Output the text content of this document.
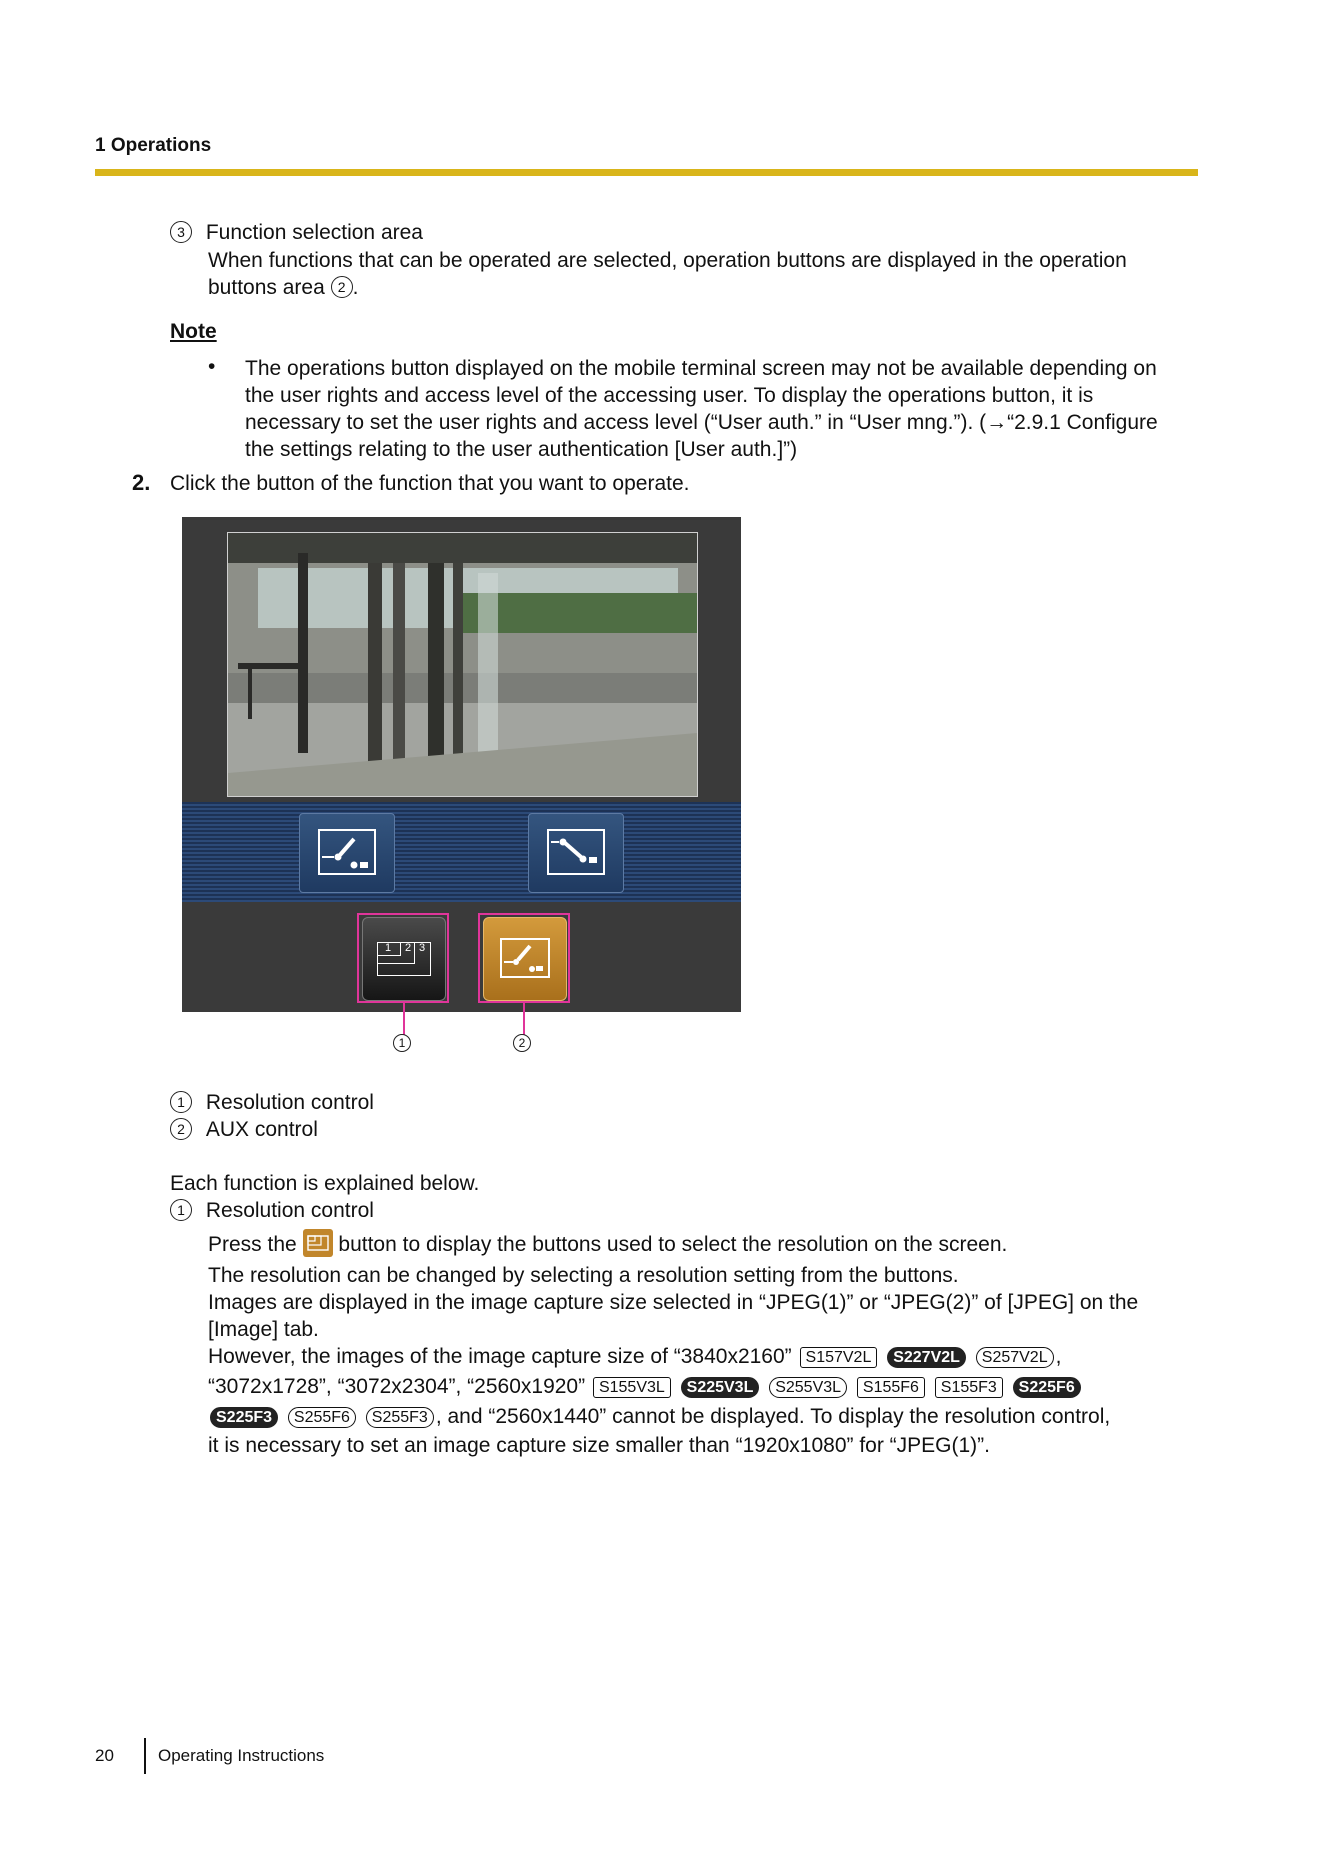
1 Operations
3 Function selection area
When functions that can be operated are selected, operation buttons are displayed in the operation
buttons area 2 .
Note
• The operations button displayed on the mobile terminal screen may not be available depending on
the user rights and access level of the accessing user. To display the operations button, it is
necessary to set the user rights and access level (“User auth.” in “User mng.”). (→“2.9.1 Configure
the settings relating to the user authentication [User auth.]”)
2. Click the button of the function that you want to operate.
1 2 3
1	2
1 Resolution control
2 AUX control
Each function is explained below.
1 Resolution control
Press the button to display the buttons used to select the resolution on the screen.
The resolution can be changed by selecting a resolution setting from the buttons.
Images are displayed in the image capture size selected in “JPEG(1)” or “JPEG(2)” of [JPEG] on the
[Image] tab.
However, the images of the image capture size of “3840x2160” S157V2L S227V2L S257V2L ,
“3072x1728”, “3072x2304”, “2560x1920” S155V3L S225V3L S255V3L S155F6 S155F3 S225F6
S225F3 S255F6 S255F3 , and “2560x1440” cannot be displayed. To display the resolution control,
it is necessary to set an image capture size smaller than “1920x1080” for “JPEG(1)”.
20	Operating Instructions
